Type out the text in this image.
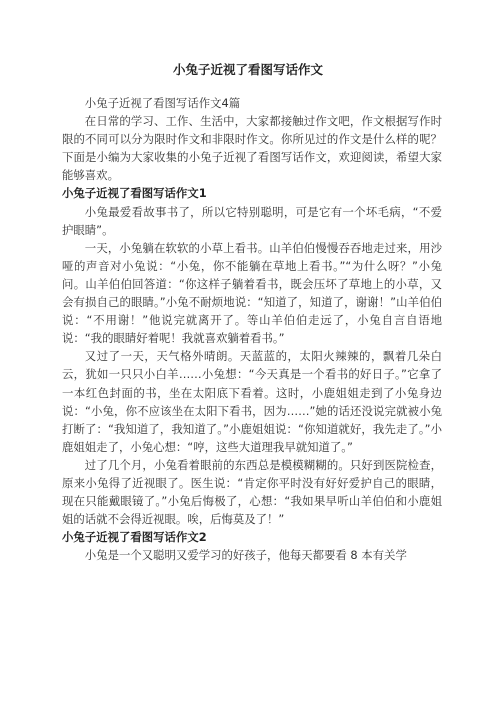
小兔子近视了看图写话作文

小兔子近视了看图写话作文4篇

在日常的学习、工作、生活中，大家都接触过作文吧，作文根据写作时限的不同可以分为限时作文和非限时作文。你所见过的作文是什么样的呢？下面是小编为大家收集的小兔子近视了看图写话作文，欢迎阅读，希望大家能够喜欢。

小兔子近视了看图写话作文1

小兔最爱看故事书了，所以它特别聪明，可是它有一个坏毛病，“不爱护眼睛”。

一天，小兔躺在软软的小草上看书。山羊伯伯慢慢吞吞地走过来，用沙哑的声音对小兔说：“小兔，你不能躺在草地上看书。”“为什么呀？”小兔问。山羊伯伯回答道：“你这样子躺着看书，既会压坏了草地上的小草，又会有损自己的眼睛。”小兔不耐烦地说：“知道了，知道了，谢谢！”山羊伯伯说：“不用谢！”他说完就离开了。等山羊伯伯走远了，小兔自言自语地说：“我的眼睛好着呢！我就喜欢躺着看书。”

又过了一天，天气格外晴朗。天蓝蓝的，太阳火辣辣的，飘着几朵白云，犹如一只只小白羊……小兔想：“今天真是一个看书的好日子。”它拿了一本红色封面的书，坐在太阳底下看着。这时，小鹿姐姐走到了小兔身边说：“小兔，你不应该坐在太阳下看书，因为……”她的话还没说完就被小兔打断了：“我知道了，我知道了。”小鹿姐姐说：“你知道就好，我先走了。”小鹿姐姐走了，小兔心想：“哼，这些大道理我早就知道了。”

过了几个月，小兔看着眼前的东西总是模模糊糊的。只好到医院检查，原来小兔得了近视眼了。医生说：“肯定你平时没有好好爱护自己的眼睛，现在只能戴眼镜了。”小兔后悔极了，心想：“我如果早听山羊伯伯和小鹿姐姐的话就不会得近视眼。唉，后悔莫及了！”

小兔子近视了看图写话作文2

小兔是一个又聪明又爱学习的好孩子，他每天都要看 8 本有关学
